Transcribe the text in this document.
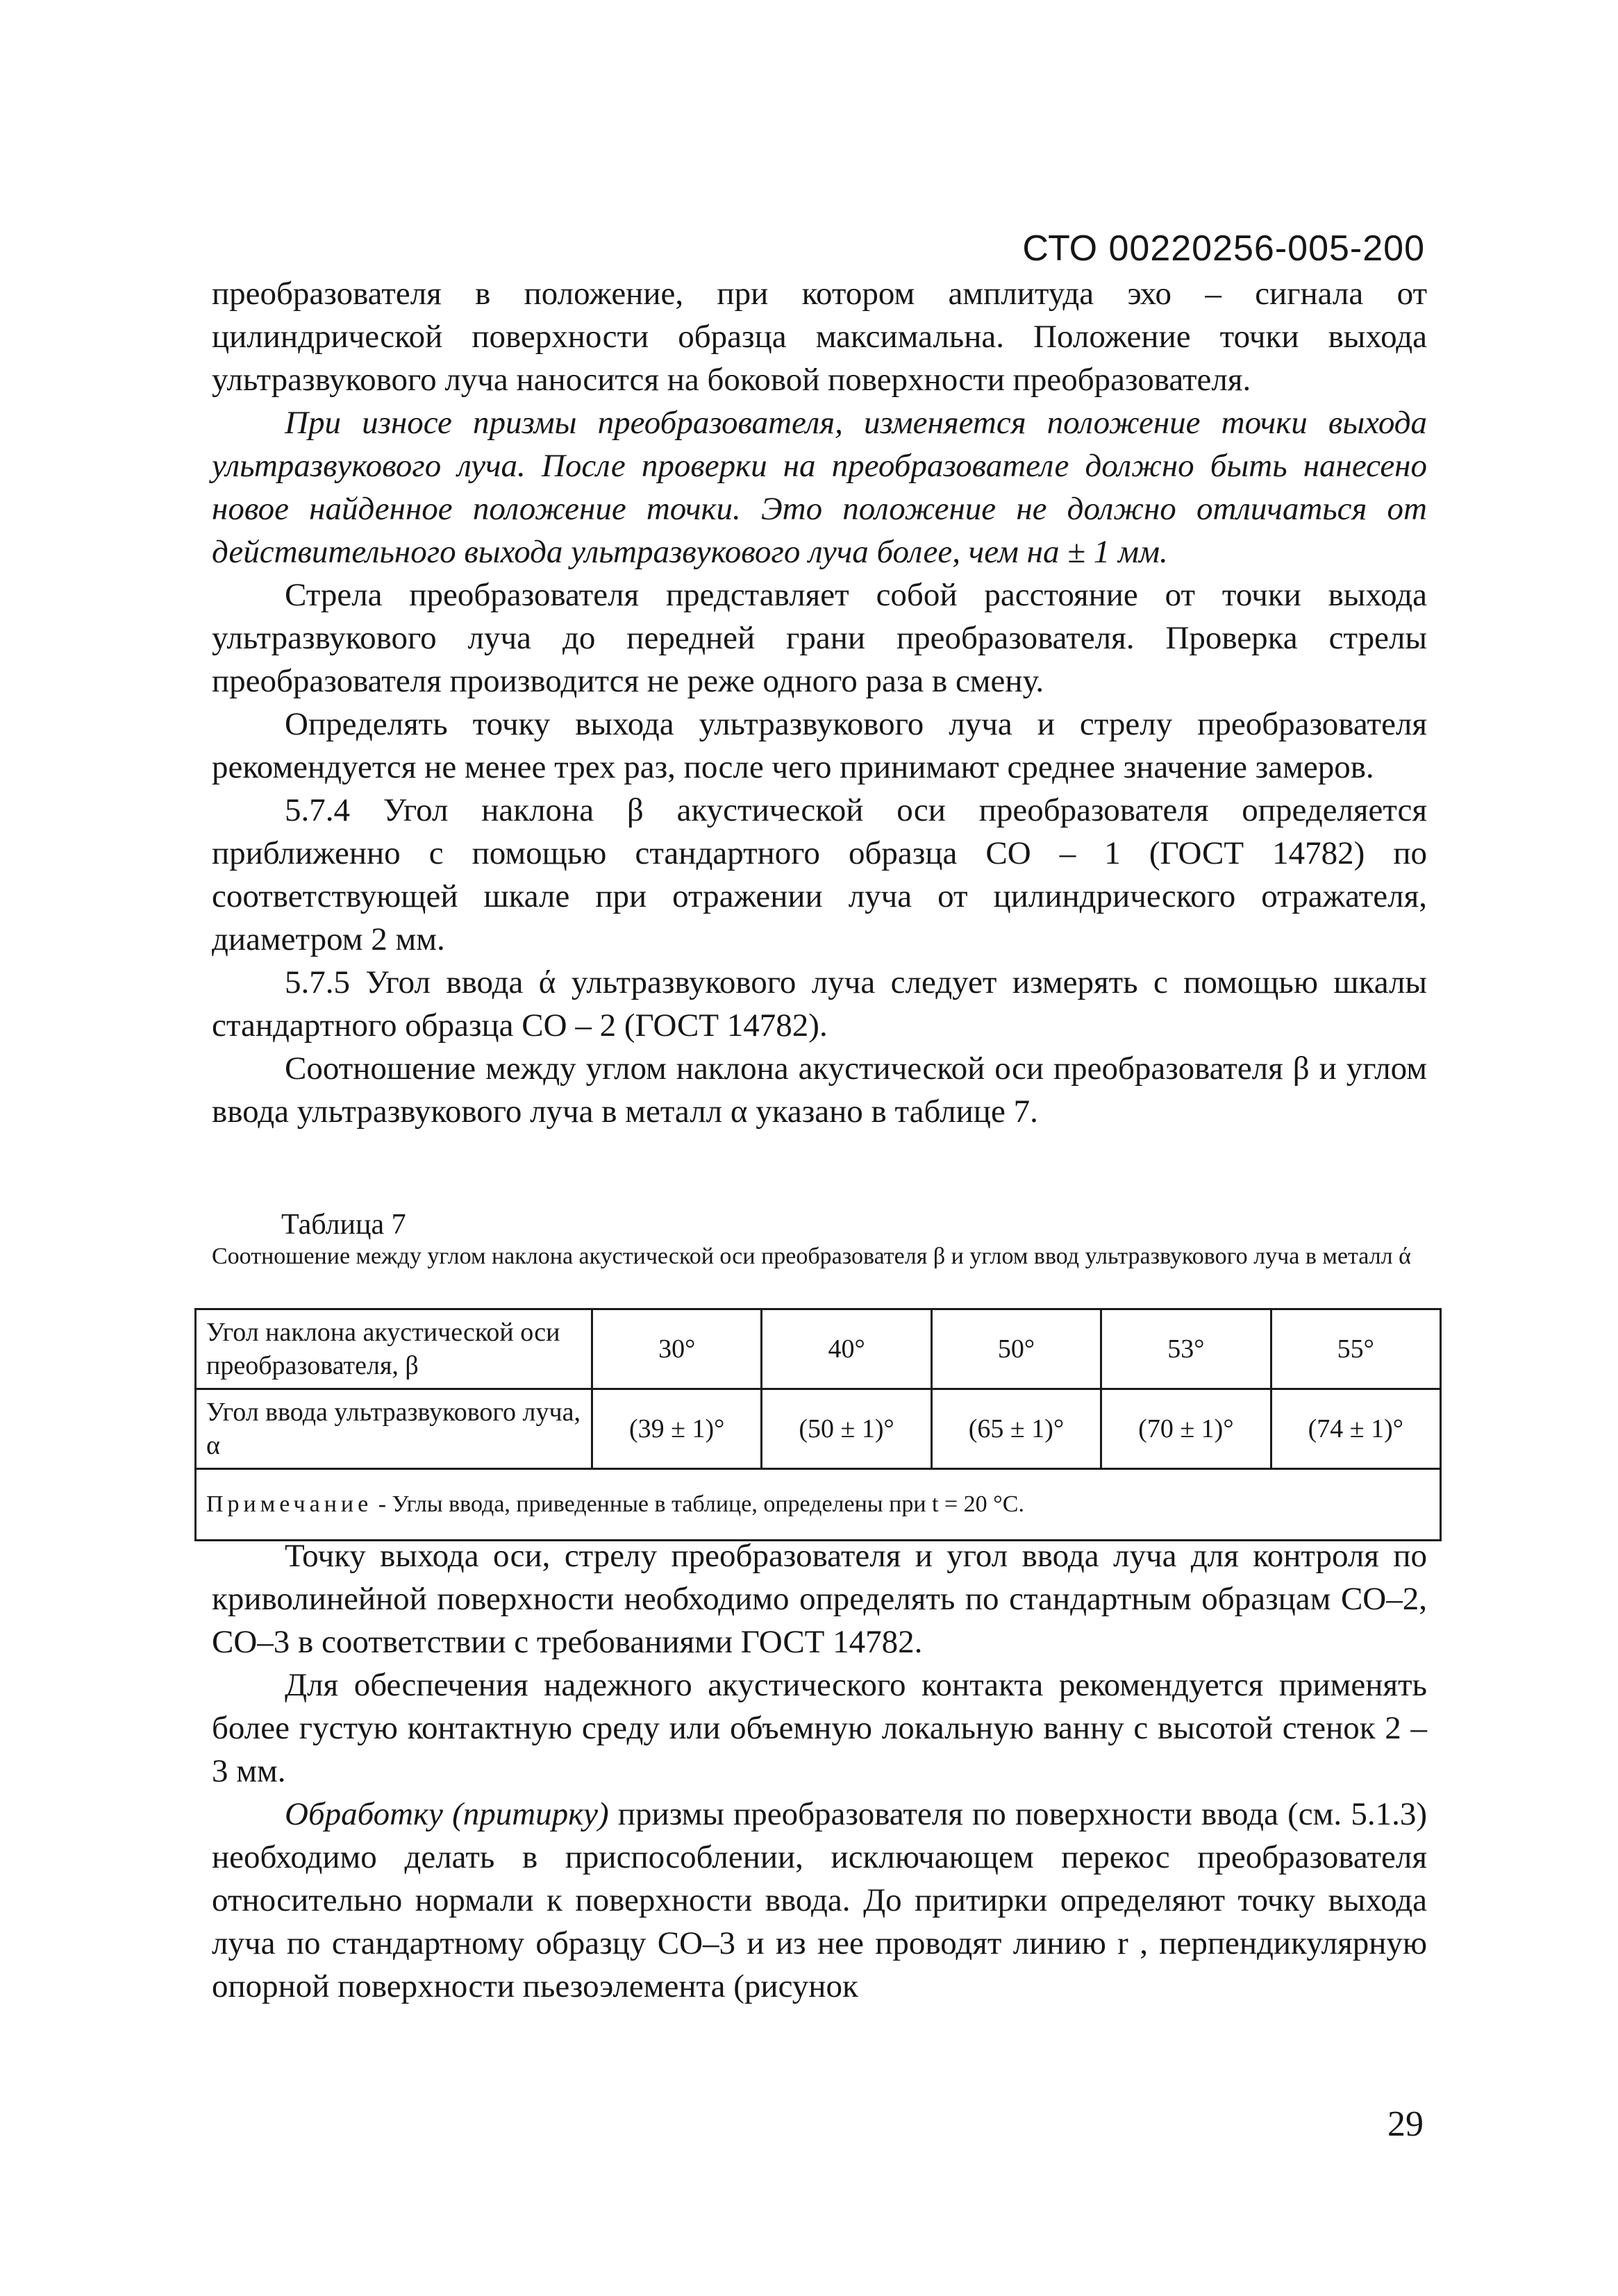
СТО 00220256-005-200

преобразователя в положение, при котором амплитуда эхо – сигнала от цилиндрической поверхности образца максимальна. Положение точки выхода ультразвукового луча наносится на боковой поверхности преобразователя.

При износе призмы преобразователя, изменяется положение точки выхода ультразвукового луча. После проверки на преобразователе должно быть нанесено новое найденное положение точки. Это положение не должно отличаться от действительного выхода ультразвукового луча более, чем на ± 1 мм.

Стрела преобразователя представляет собой расстояние от точки выхода ультразвукового луча до передней грани преобразователя. Проверка стрелы преобразователя производится не реже одного раза в смену.

Определять точку выхода ультразвукового луча и стрелу преобразователя рекомендуется не менее трех раз, после чего принимают среднее значение замеров.

5.7.4 Угол наклона β акустической оси преобразователя определяется приближенно с помощью стандартного образца СО – 1 (ГОСТ 14782) по соответствующей шкале при отражении луча от цилиндрического отражателя, диаметром 2 мм.

5.7.5 Угол ввода ά ультразвукового луча следует измерять с помощью шкалы стандартного образца СО – 2 (ГОСТ 14782).

Соотношение между углом наклона акустической оси преобразователя β и углом ввода ультразвукового луча в металл α указано в таблице 7.

Таблица 7
Соотношение между углом наклона акустической оси преобразователя β и углом ввод ультразвукового луча в металл ά
Угол наклона акустической оси преобразователя, β	30°	40°	50°	53°	55°
Угол ввода ультразвукового луча, α	(39 ± 1)°	(50 ± 1)°	(65 ± 1)°	(70 ± 1)°	(74 ± 1)°
Примечание - Углы ввода, приведенные в таблице, определены при t = 20 °С.					

Точку выхода оси, стрелу преобразователя и угол ввода луча для контроля по криволинейной поверхности необходимо определять по стандартным образцам СО–2, СО–3 в соответствии с требованиями ГОСТ 14782.

Для обеспечения надежного акустического контакта рекомендуется применять более густую контактную среду или объемную локальную ванну с высотой стенок 2 – 3 мм.

Обработку (притирку) призмы преобразователя по поверхности ввода (см. 5.1.3) необходимо делать в приспособлении, исключающем перекос преобразователя относительно нормали к поверхности ввода. До притирки определяют точку выхода луча по стандартному образцу СО–3 и из нее проводят линию r , перпендикулярную опорной поверхности пьезоэлемента (рисунок

29
